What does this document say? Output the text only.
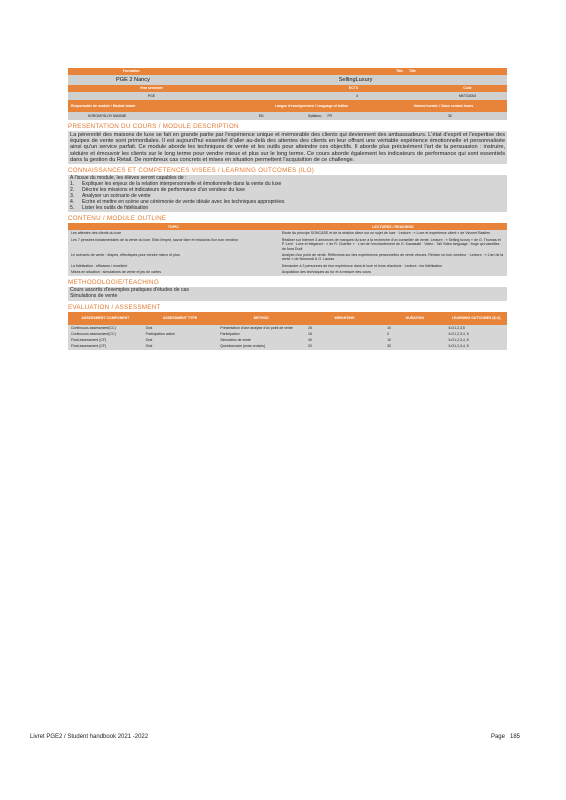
Formation	Title	Title
PGE 2 Nancy	SellingLuxury
Year semester	ECTS	Code
PGE	4	MKTG4004
Responsable de module / Module leader	Langue d'enseignement / Language of tuition	Volume horaire / Class contact hours
KOROMYSLOV MAXIME	EN	Syllabus: FR	30
PRESENTATION DU COURS / MODULE DESCRIPTION
La pérennité des maisons de luxe se fait en grande partie par l'expérience unique et mémorable des clients qui deviennent des ambassadeurs. L'état d'esprit et l'expertise des équipes de vente sont primordiales. Il est aujourd'hui essentiel d'aller au-delà des attentes des clients en leur offrant une véritable expérience émotionnelle et personnalisée ainsi qu'un service parfait. Ce module aborde les techniques de vente et les outils pour atteindre ces objectifs. Il aborde plus précisément l'art de la persuasion : instruire, séduire et émouvoir les clients sur le long terme pour vendre mieux et plus sur le long terme. Ce cours aborde également les indicateurs de performance qui sont essentiels dans la gestion du Retail. De nombreux cas concrets et mises en situation permettent l'acquisition de ce challenge.
CONNAISSANCES ET COMPETENCES VISEES / LEARNING OUTCOMES (ILO)
A l'issue du module, les élèves seront capables de :
1.	Expliquer les enjeux de la relation interpersonnelle et émotionnelle dans la vente du luxe
2.	Décrire les missions et indicateurs de performance d'un vendeur du luxe
3.	Analyser un scénario de vente
4.	Ecrire et mettre en scène une cérémonie de vente idéale avec les techniques appropriées
5.	Lister les outils de fidélisation
CONTENU / MODULE OUTLINE
TOPIC	LECTURES / READINGS
Les attentes des clients du luxe	Etude du principe SONCASE et de la relation client sur un sujet de luxe · Lecture : « Luxe et expérience client » de Vincent Bastien
Les 7 pensées fondamentales de la vente du luxe. Etat d'esprit, savoir faire et missions d'un bon vendeur	Réaliser sur Internet 3 annonces de marques du luxe à la recherche d'un conseiller de vente. Lecture : « Selling luxury » de G. Thomas et P. Lent · Luxe et élégance : « de R. Chartier » · L'art de l'enchantement de G. Kawasaki · Video : Tall Video language : forge qui vassifies de Ama Dudi
Le scénario de vente : étapes, effectiques pour vendre mieux et plus	Analyse d'un point de vente. Réflexions sur des expériences personnelles de vente vécues. Réviser un bon vendeur · Lecture : « L'art de la vente » de Nenoos8 & O. Lauras
La fidélisation : efficaces / excellent	Demander à 3 personnes de leur expérience dans le luxe et leurs réactions · Lecture : les fidélisation
Mises en situation : simulations de vente et jeu de cartes	Acquisition des techniques au fur et à mesure des cours
METHODOLOGIE/TEACHING
Cours assortis d'exemples pratiques d'études de cas
Simulations de vente
EVALUATION / ASSESSMENT
ASSESSMENT COMPONENT	ASSESSMENT TYPE	METHOD	WEIGHTING	DURATION	LEARNING OUTCOMES (ILO)
Continuous assessment(CC)	Oral	Présentation d'une analyse d'un point de vente	25	10	ILO1,2,3,5
Continuous assessment(CC)	Participation active	Participation	15	0	ILO1,2,3,4, 5
Final assessment (CF)	Oral	Simulation de vente	40	10	ILO1,2,3,4, 5
Final assessment (CF)	Oral	Questionnaire (mots croisés)	20	30	ILO1,2,3,4, 5
Livret PGE2 / Student handbook 2021 -2022	Page 185
